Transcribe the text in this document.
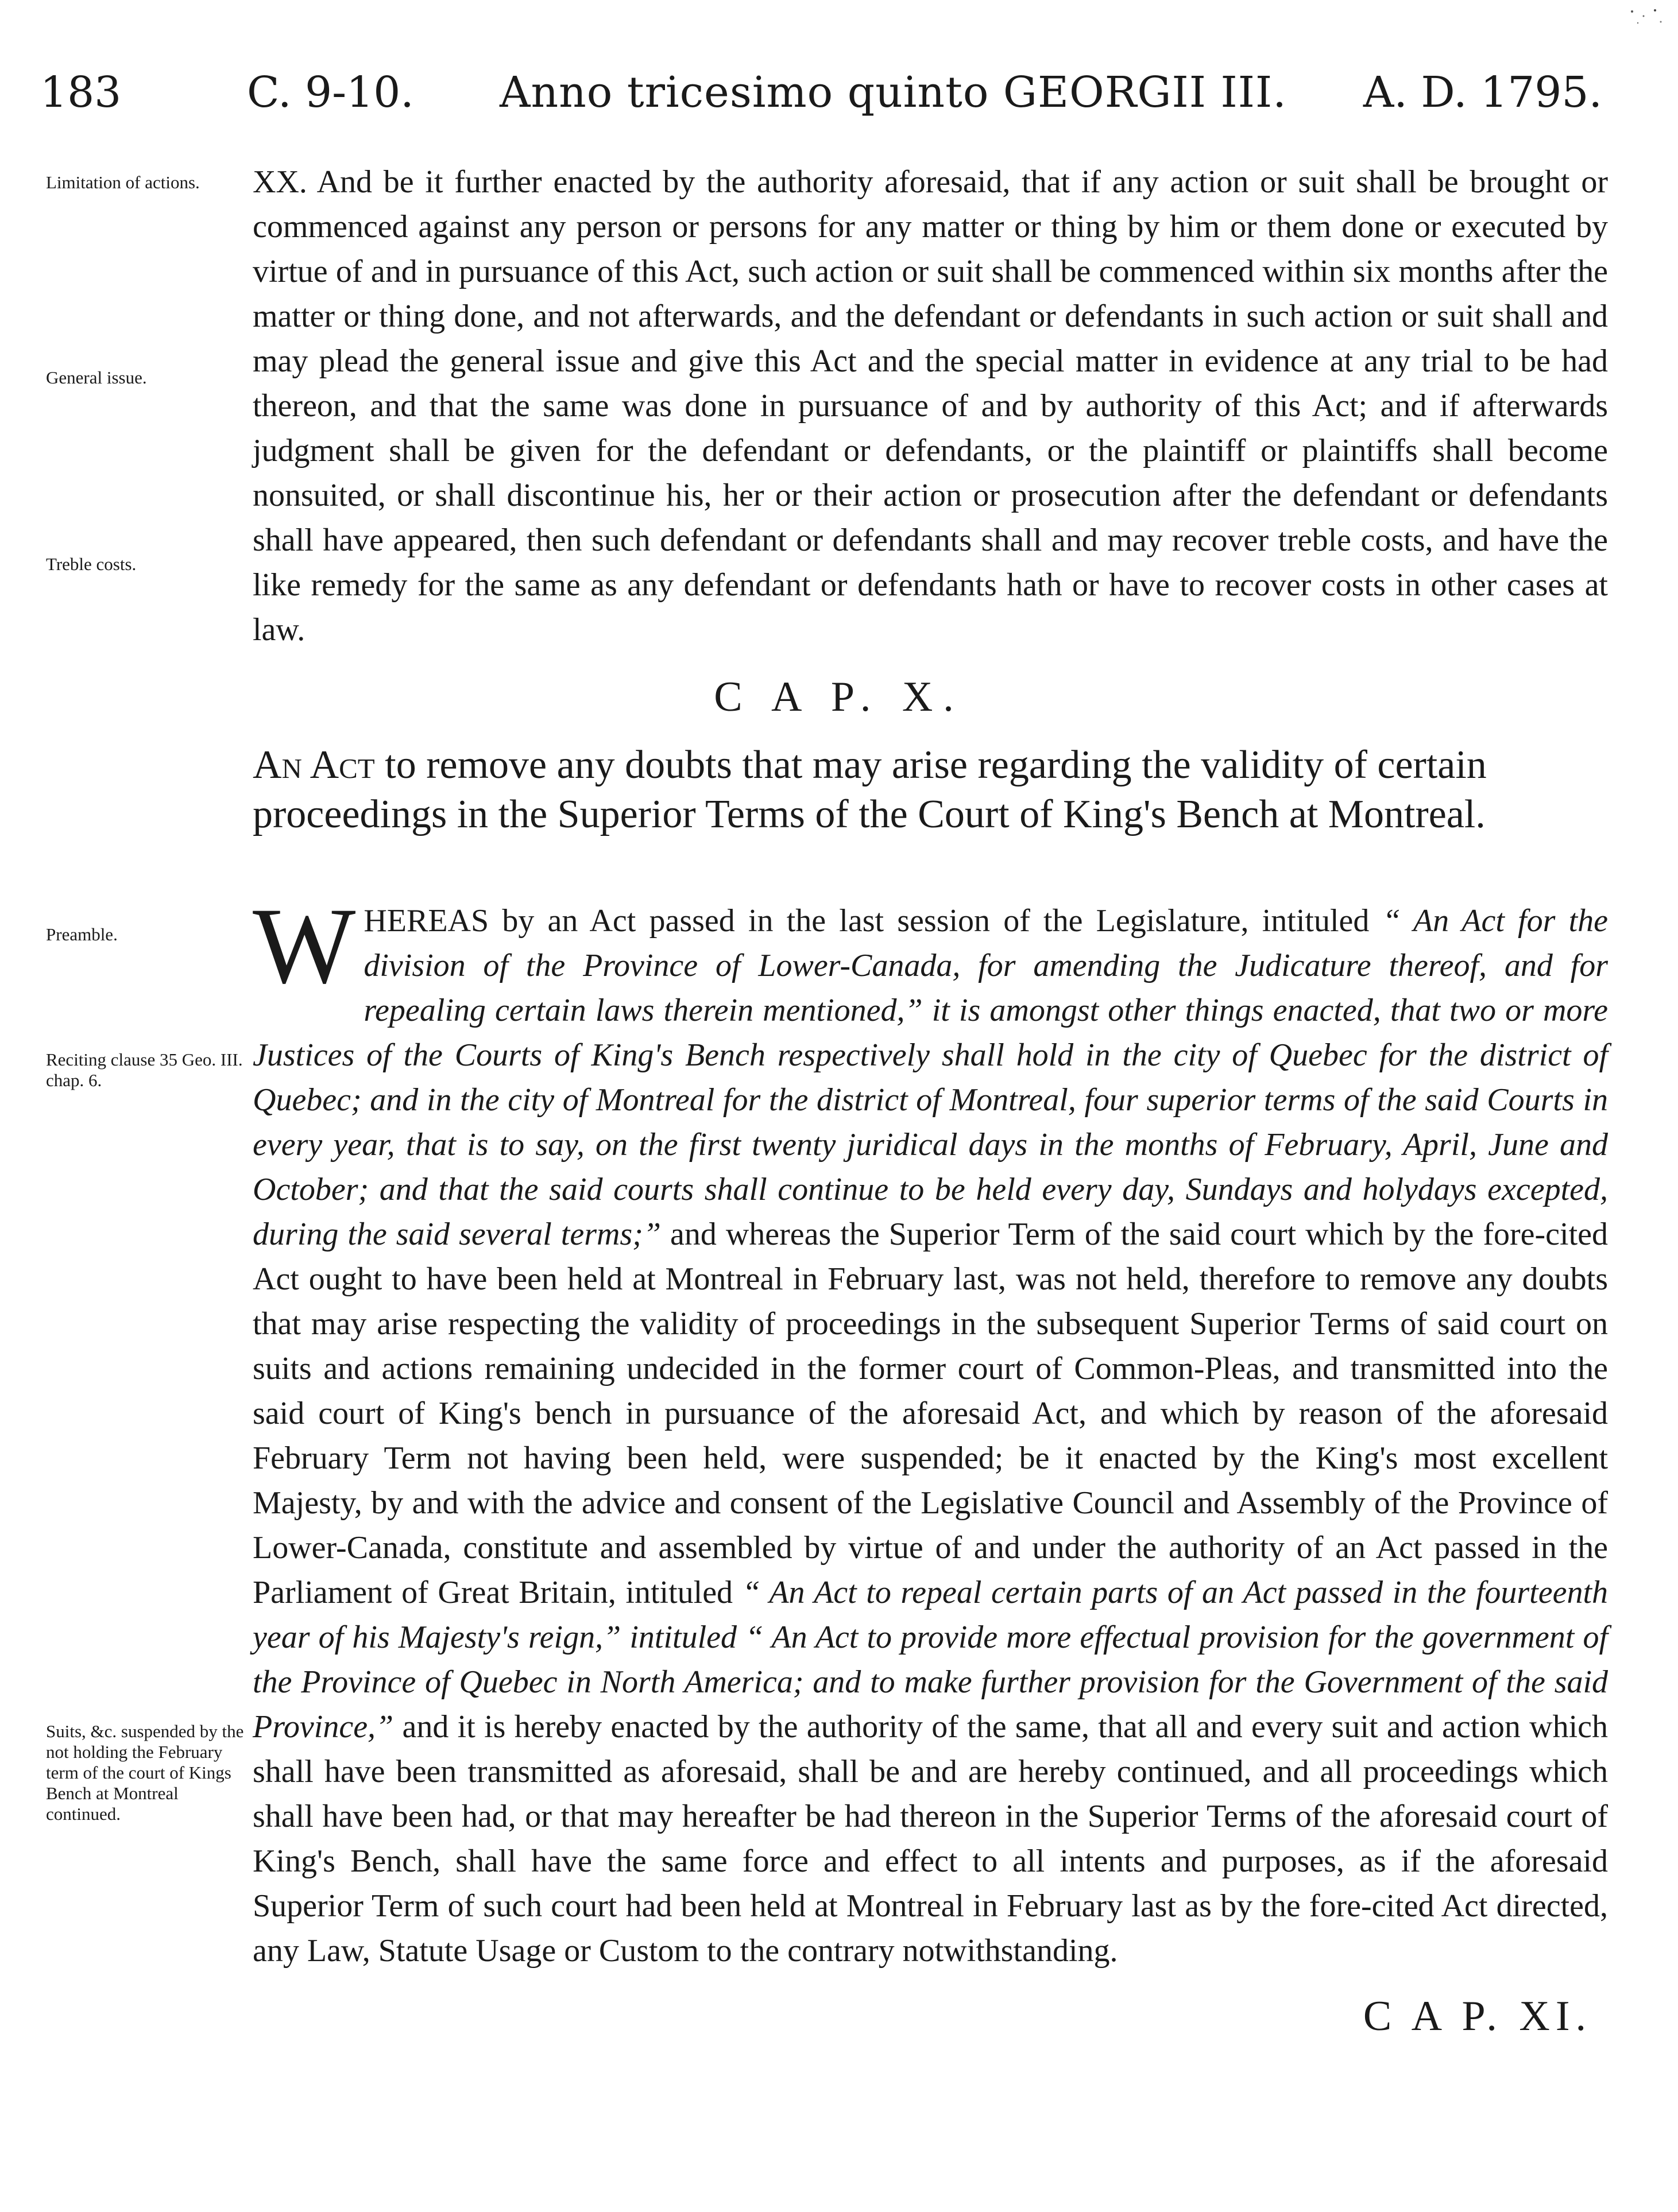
183	C. 9-10. Anno tricesimo quinto GEORGII III. A. D. 1795.
Limitation of actions.
General issue.
Treble costs.
Preamble.
Reciting clause 35 Geo. III. chap. 6.
Suits, &c. suspended by the not holding the February term of the court of Kings Bench at Montreal continued.
XX. And be it further enacted by the authority aforesaid, that if any action or suit shall be brought or commenced against any person or persons for any matter or thing by him or them done or executed by virtue of and in pursuance of this Act, such action or suit shall be commenced within six months after the matter or thing done, and not afterwards, and the defendant or defendants in such action or suit shall and may plead the general issue and give this Act and the special matter in evidence at any trial to be had thereon, and that the same was done in pursuance of and by authority of this Act; and if afterwards judgment shall be given for the defendant or defendants, or the plaintiff or plaintiffs shall become nonsuited, or shall discontinue his, her or their action or prosecution after the defendant or defendants shall have appeared, then such defendant or defendants shall and may recover treble costs, and have the like remedy for the same as any defendant or defendants hath or have to recover costs in other cases at law.
C A P. X.
An Act to remove any doubts that may arise regarding the validity of certain proceedings in the Superior Terms of the Court of King's Bench at Montreal.
WHEREAS by an Act passed in the last session of the Legislature, intituled “ An Act for the division of the Province of Lower-Canada, for amending the Judicature thereof, and for repealing certain laws therein mentioned,” it is amongst other things enacted, that two or more Justices of the Courts of King's Bench respectively shall hold in the city of Quebec for the district of Quebec; and in the city of Montreal for the district of Montreal, four superior terms of the said Courts in every year, that is to say, on the first twenty juridical days in the months of February, April, June and October; and that the said courts shall continue to be held every day, Sundays and holydays excepted, during the said several terms;” and whereas the Superior Term of the said court which by the fore-cited Act ought to have been held at Montreal in February last, was not held, therefore to remove any doubts that may arise respecting the validity of proceedings in the subsequent Superior Terms of said court on suits and actions remaining undecided in the former court of Common-Pleas, and transmitted into the said court of King's bench in pursuance of the aforesaid Act, and which by reason of the aforesaid February Term not having been held, were suspended; be it enacted by the King's most excellent Majesty, by and with the advice and consent of the Legislative Council and Assembly of the Province of Lower-Canada, constitute and assembled by virtue of and under the authority of an Act passed in the Parliament of Great Britain, intituled “ An Act to repeal certain parts of an Act passed in the fourteenth year of his Majesty's reign,” intituled “ An Act to provide more effectual provision for the government of the Province of Quebec in North America; and to make further provision for the Government of the said Province,” and it is hereby enacted by the authority of the same, that all and every suit and action which shall have been transmitted as aforesaid, shall be and are hereby continued, and all proceedings which shall have been had, or that may hereafter be had thereon in the Superior Terms of the aforesaid court of King's Bench, shall have the same force and effect to all intents and purposes, as if the aforesaid Superior Term of such court had been held at Montreal in February last as by the fore-cited Act directed, any Law, Statute Usage or Custom to the contrary notwithstanding.
C A P. XI.
